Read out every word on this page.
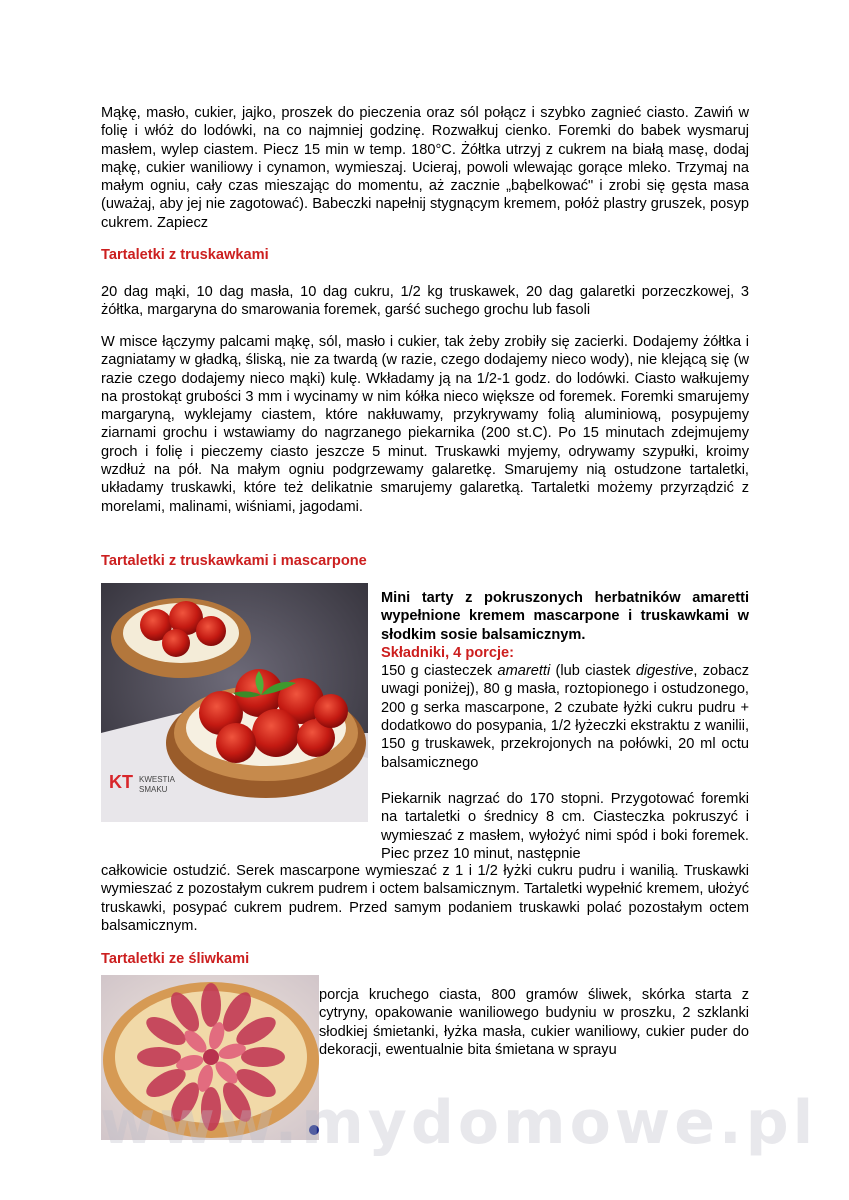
Mąkę, masło, cukier, jajko, proszek do pieczenia oraz sól połącz i szybko zagnieć ciasto. Zawiń w folię i włóż do lodówki, na co najmniej godzinę. Rozwałkuj cienko. Foremki do babek wysmaruj masłem, wylep ciastem. Piecz 15 min w temp. 180°C. Żółtka utrzyj z cukrem na białą masę, dodaj mąkę, cukier waniliowy i cynamon, wymieszaj. Ucieraj, powoli wlewając gorące mleko. Trzymaj na małym ogniu, cały czas mieszając do momentu, aż zacznie „bąbelkować" i zrobi się gęsta masa (uważaj, aby jej nie zagotować). Babeczki napełnij stygnącym kremem, połóż plastry gruszek, posyp cukrem. Zapiecz

Tartaletki z truskawkami

20 dag mąki, 10 dag masła, 10 dag cukru, 1/2 kg truskawek, 20 dag galaretki porzeczkowej, 3 żółtka, margaryna do smarowania foremek, garść suchego grochu lub fasoli

W misce łączymy palcami mąkę, sól, masło i cukier, tak żeby zrobiły się zacierki. Dodajemy żółtka i zagniatamy w gładką, śliską, nie za twardą (w razie, czego dodajemy nieco wody), nie klejącą się (w razie czego dodajemy nieco mąki) kulę. Wkładamy ją na 1/2-1 godz. do lodówki. Ciasto wałkujemy na prostokąt grubości 3 mm i wycinamy w nim kółka nieco większe od foremek. Foremki smarujemy margaryną, wyklejamy ciastem, które nakłuwamy, przykrywamy folią aluminiową, posypujemy ziarnami grochu i wstawiamy do nagrzanego piekarnika (200 st.C). Po 15 minutach zdejmujemy groch i folię i pieczemy ciasto jeszcze 5 minut. Truskawki myjemy, odrywamy szypułki, kroimy wzdłuż na pół. Na małym ogniu podgrzewamy galaretkę. Smarujemy nią ostudzone tartaletki, układamy truskawki, które też delikatnie smarujemy galaretką. Tartaletki możemy przyrządzić z morelami, malinami, wiśniami, jagodami.

Tartaletki z truskawkami i mascarpone
KT KWESTIA
SMAKU
Mini tarty z pokruszonych herbatników amaretti wypełnione kremem mascarpone i truskawkami w słodkim sosie balsamicznym.
Składniki, 4 porcje:
150 g ciasteczek amaretti (lub ciastek digestive, zobacz uwagi poniżej), 80 g masła, roztopionego i ostudzonego, 200 g serka mascarpone, 2 czubate łyżki cukru pudru + dodatkowo do posypania, 1/2 łyżeczki ekstraktu z wanilii, 150 g truskawek, przekrojonych na połówki, 20 ml octu balsamicznego
Piekarnik nagrzać do 170 stopni. Przygotować foremki na tartaletki o średnicy 8 cm. Ciasteczka pokruszyć i wymieszać z masłem, wyłożyć nimi spód i boki foremek. Piec przez 10 minut, następnie

całkowicie ostudzić. Serek mascarpone wymieszać z 1 i 1/2 łyżki cukru pudru i wanilią. Truskawki wymieszać z pozostałym cukrem pudrem i octem balsamicznym. Tartaletki wypełnić kremem, ułożyć truskawki, posypać cukrem pudrem. Przed samym podaniem truskawki polać pozostałym octem balsamicznym.

Tartaletki ze śliwkami

porcja kruchego ciasta, 800 gramów śliwek, skórka starta z cytryny, opakowanie waniliowego budyniu w proszku, 2 szklanki słodkiej śmietanki, łyżka masła, cukier waniliowy, cukier puder do dekoracji, ewentualnie bita śmietana w sprayu

www.mydomowe.pl
